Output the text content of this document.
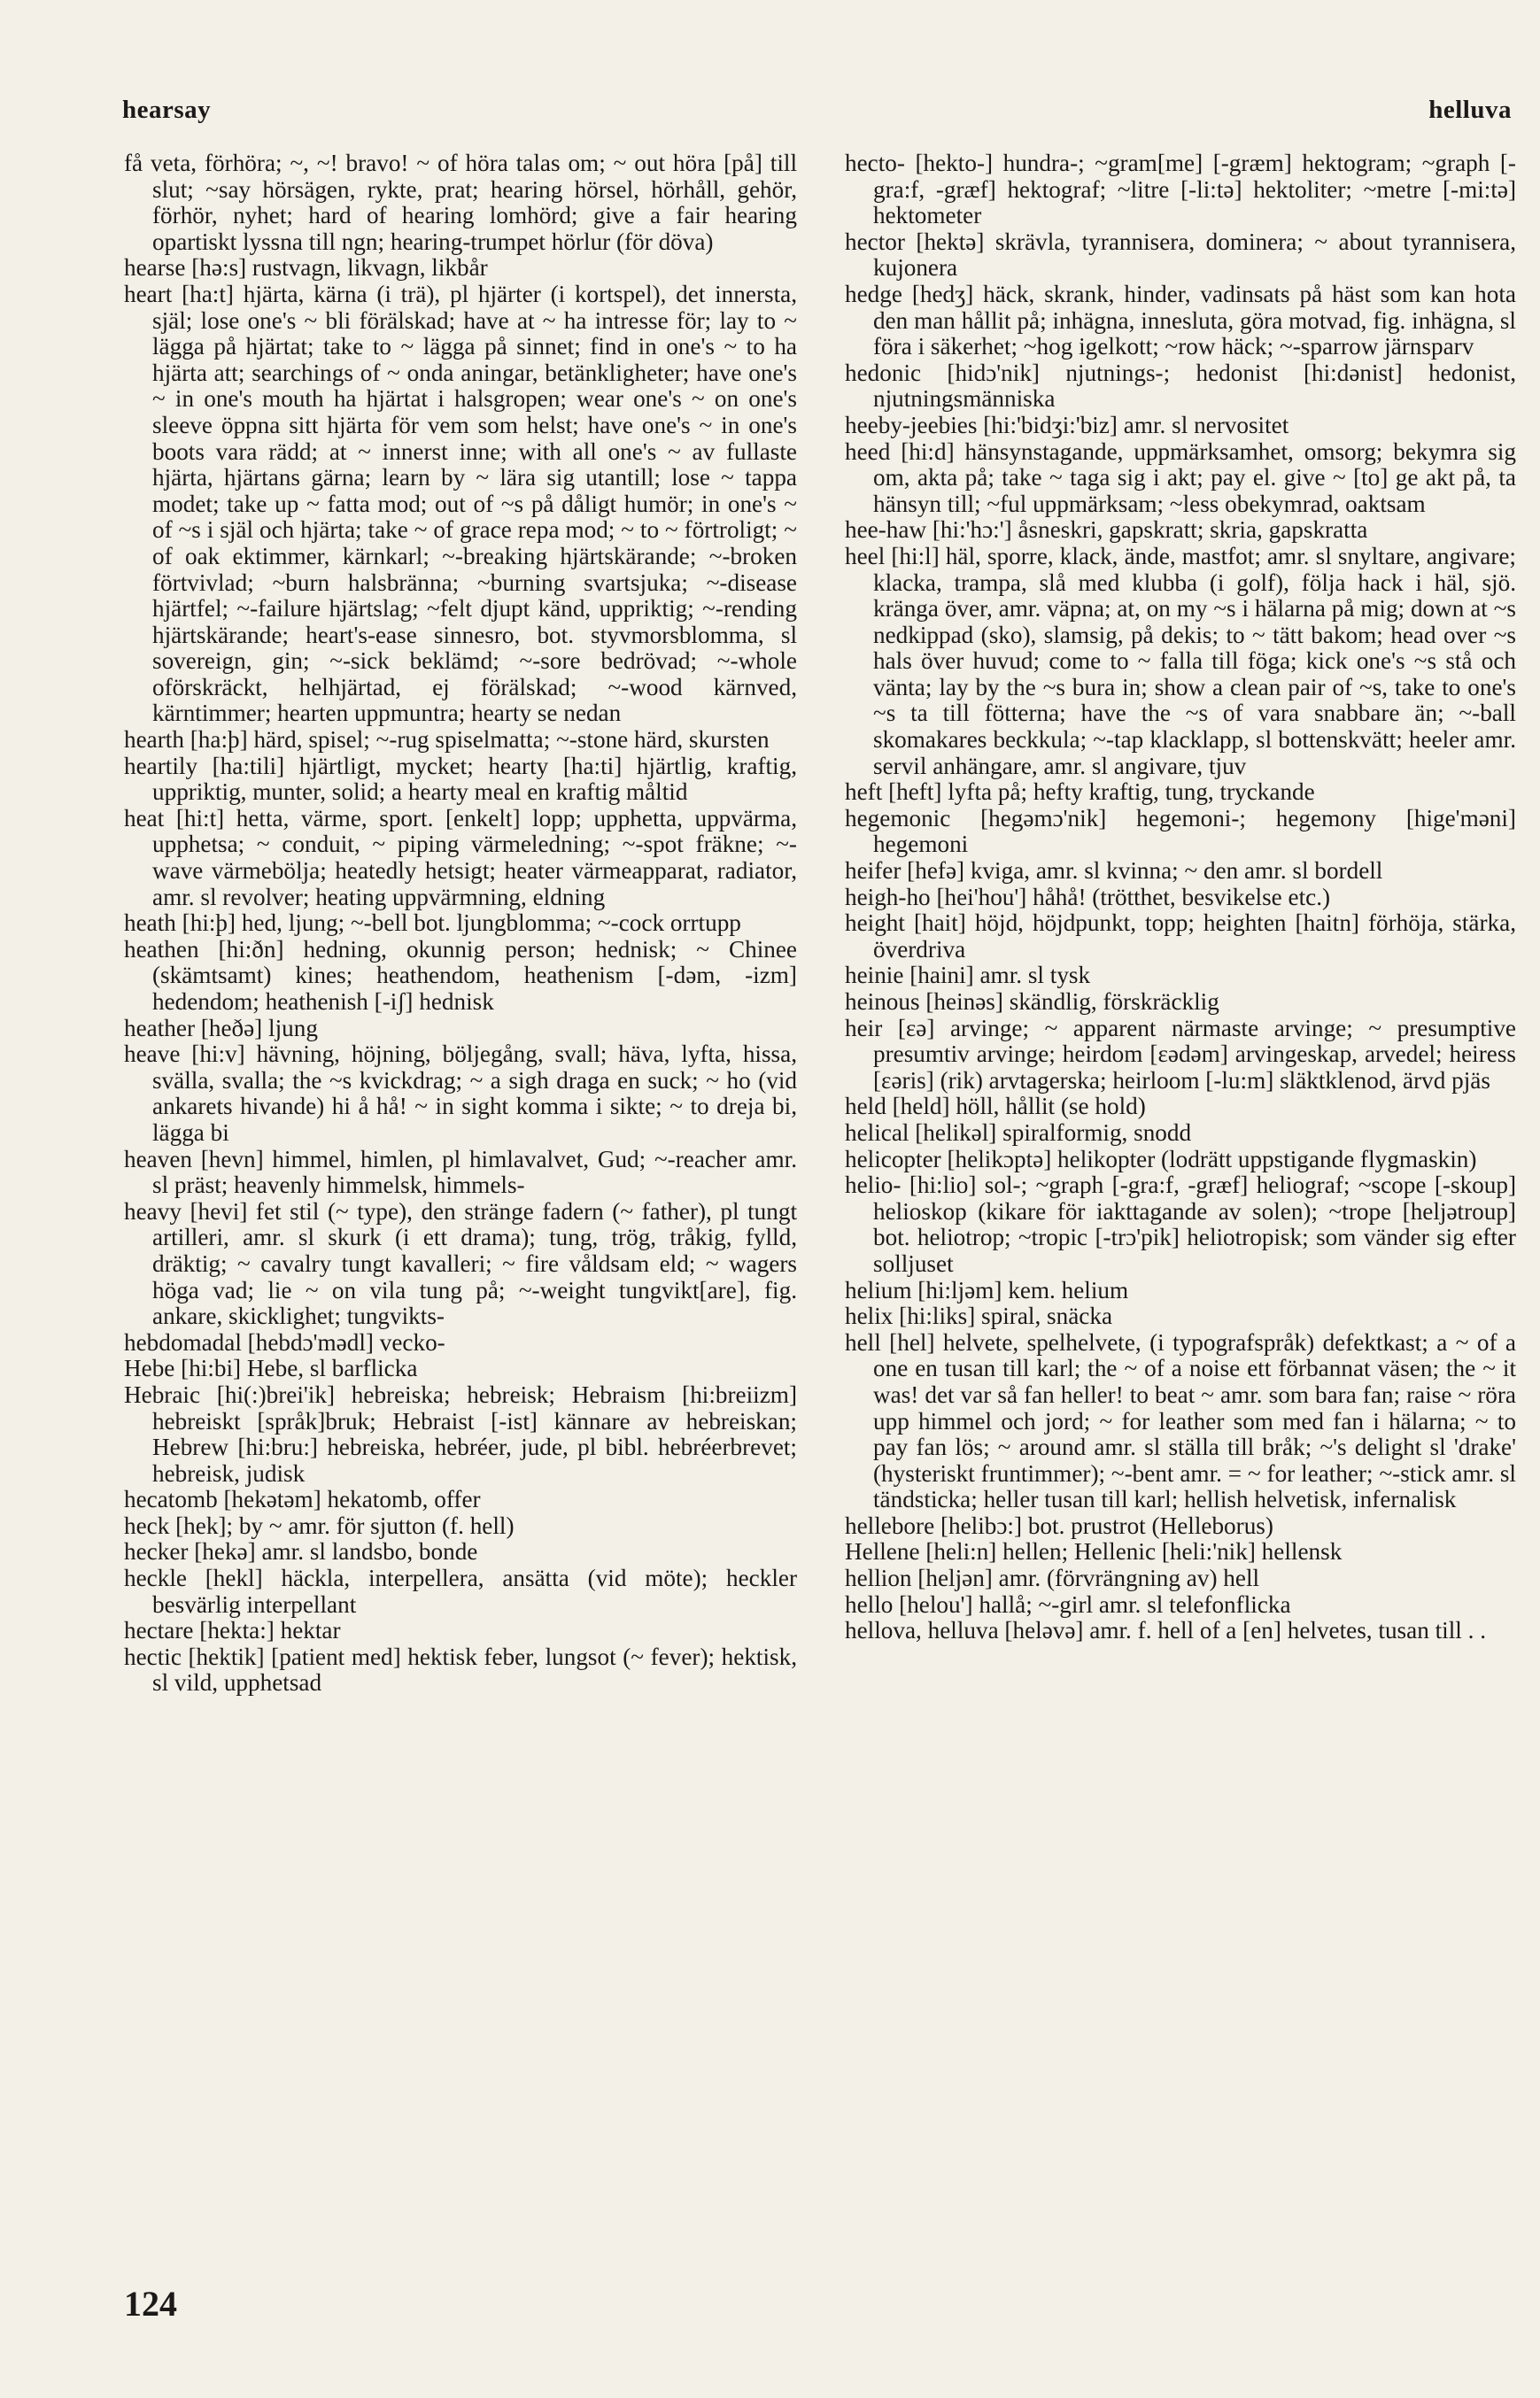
hearsay	helluva

få veta, förhöra; ~, ~! bravo! ~ of höra talas om; ~ out höra [på] till slut; ~say hörsägen, rykte, prat; hearing hörsel, hörhåll, gehör, förhör, nyhet; hard of hearing lomhörd; give a fair hearing opartiskt lyssna till ngn; hearing-trumpet hörlur (för döva)

hearse [hə:s] rustvagn, likvagn, likbår

heart [ha:t] hjärta, kärna (i trä), pl hjärter (i kortspel), det innersta, själ; lose one's ~ bli förälskad; have at ~ ha intresse för; lay to ~ lägga på hjärtat; take to ~ lägga på sinnet; find in one's ~ to ha hjärta att; searchings of ~ onda aningar, betänkligheter; have one's ~ in one's mouth ha hjärtat i halsgropen; wear one's ~ on one's sleeve öppna sitt hjärta för vem som helst; have one's ~ in one's boots vara rädd; at ~ innerst inne; with all one's ~ av fullaste hjärta, hjärtans gärna; learn by ~ lära sig utantill; lose ~ tappa modet; take up ~ fatta mod; out of ~s på dåligt humör; in one's ~ of ~s i själ och hjärta; take ~ of grace repa mod; ~ to ~ förtroligt; ~ of oak ektimmer, kärnkarl; ~-breaking hjärtskärande; ~-broken förtvivlad; ~burn halsbränna; ~burning svartsjuka; ~-disease hjärtfel; ~-failure hjärtslag; ~felt djupt känd, uppriktig; ~-rending hjärtskärande; heart's-ease sinnesro, bot. styvmorsblomma, sl sovereign, gin; ~-sick beklämd; ~-sore bedrövad; ~-whole oförskräckt, helhjärtad, ej förälskad; ~-wood kärnved, kärntimmer; hearten uppmuntra; hearty se nedan

hearth [ha:þ] härd, spisel; ~-rug spiselmatta; ~-stone härd, skursten

heartily [ha:tili] hjärtligt, mycket; hearty [ha:ti] hjärtlig, kraftig, uppriktig, munter, solid; a hearty meal en kraftig måltid

heat [hi:t] hetta, värme, sport. [enkelt] lopp; upphetta, uppvärma, upphetsa; ~ conduit, ~ piping värmeledning; ~-spot fräkne; ~-wave värmebölja; heatedly hetsigt; heater värmeapparat, radiator, amr. sl revolver; heating uppvärmning, eldning

heath [hi:þ] hed, ljung; ~-bell bot. ljungblomma; ~-cock orrtupp

heathen [hi:ðn] hedning, okunnig person; hednisk; ~ Chinee (skämtsamt) kines; heathendom, heathenism [-dəm, -izm] hedendom; heathenish [-iʃ] hednisk

heather [heðə] ljung

heave [hi:v] hävning, höjning, böljegång, svall; häva, lyfta, hissa, svälla, svalla; the ~s kvickdrag; ~ a sigh draga en suck; ~ ho (vid ankarets hivande) hi å hå! ~ in sight komma i sikte; ~ to dreja bi, lägga bi

heaven [hevn] himmel, himlen, pl himlavalvet, Gud; ~-reacher amr. sl präst; heavenly himmelsk, himmels-

heavy [hevi] fet stil (~ type), den stränge fadern (~ father), pl tungt artilleri, amr. sl skurk (i ett drama); tung, trög, tråkig, fylld, dräktig; ~ cavalry tungt kavalleri; ~ fire våldsam eld; ~ wagers höga vad; lie ~ on vila tung på; ~-weight tungvikt[are], fig. ankare, skicklighet; tungvikts-

hebdomadal [hebdɔ'mədl] vecko-

Hebe [hi:bi] Hebe, sl barflicka

Hebraic [hi(:)brei'ik] hebreiska; hebreisk; Hebraism [hi:breiizm] hebreiskt [språk]bruk; Hebraist [-ist] kännare av hebreiskan; Hebrew [hi:bru:] hebreiska, hebréer, jude, pl bibl. hebréerbrevet; hebreisk, judisk

hecatomb [hekətəm] hekatomb, offer

heck [hek]; by ~ amr. för sjutton (f. hell)

hecker [hekə] amr. sl landsbo, bonde

heckle [hekl] häckla, interpellera, ansätta (vid möte); heckler besvärlig interpellant

hectare [hekta:] hektar

hectic [hektik] [patient med] hektisk feber, lungsot (~ fever); hektisk, sl vild, upphetsad

hecto- [hekto-] hundra-; ~gram[me] [-græm] hektogram; ~graph [-gra:f, -græf] hektograf; ~litre [-li:tə] hektoliter; ~metre [-mi:tə] hektometer

hector [hektə] skrävla, tyrannisera, dominera; ~ about tyrannisera, kujonera

hedge [hedʒ] häck, skrank, hinder, vadinsats på häst som kan hota den man hållit på; inhägna, innesluta, göra motvad, fig. inhägna, sl föra i säkerhet; ~hog igelkott; ~row häck; ~-sparrow järnsparv

hedonic [hidɔ'nik] njutnings-; hedonist [hi:dənist] hedonist, njutningsmänniska

heeby-jeebies [hi:'bidʒi:'biz] amr. sl nervositet

heed [hi:d] hänsynstagande, uppmärksamhet, omsorg; bekymra sig om, akta på; take ~ taga sig i akt; pay el. give ~ [to] ge akt på, ta hänsyn till; ~ful uppmärksam; ~less obekymrad, oaktsam

hee-haw [hi:'hɔ:'] åsneskri, gapskratt; skria, gapskratta

heel [hi:l] häl, sporre, klack, ände, mastfot; amr. sl snyltare, angivare; klacka, trampa, slå med klubba (i golf), följa hack i häl, sjö. kränga över, amr. väpna; at, on my ~s i hälarna på mig; down at ~s nedkippad (sko), slamsig, på dekis; to ~ tätt bakom; head over ~s hals över huvud; come to ~ falla till föga; kick one's ~s stå och vänta; lay by the ~s bura in; show a clean pair of ~s, take to one's ~s ta till fötterna; have the ~s of vara snabbare än; ~-ball skomakares beckkula; ~-tap klacklapp, sl bottenskvätt; heeler amr. servil anhängare, amr. sl angivare, tjuv

heft [heft] lyfta på; hefty kraftig, tung, tryckande

hegemonic [hegəmɔ'nik] hegemoni-; hegemony [hige'məni] hegemoni

heifer [hefə] kviga, amr. sl kvinna; ~ den amr. sl bordell

heigh-ho [hei'hou'] håhå! (trötthet, besvikelse etc.)

height [hait] höjd, höjdpunkt, topp; heighten [haitn] förhöja, stärka, överdriva

heinie [haini] amr. sl tysk

heinous [heinəs] skändlig, förskräcklig

heir [ɛə] arvinge; ~ apparent närmaste arvinge; ~ presumptive presumtiv arvinge; heirdom [ɛədəm] arvingeskap, arvedel; heiress [ɛəris] (rik) arvtagerska; heirloom [-lu:m] släktklenod, ärvd pjäs

held [held] höll, hållit (se hold)

helical [helikəl] spiralformig, snodd

helicopter [helikɔptə] helikopter (lodrätt uppstigande flygmaskin)

helio- [hi:lio] sol-; ~graph [-gra:f, -græf] heliograf; ~scope [-skoup] helioskop (kikare för iakttagande av solen); ~trope [heljətroup] bot. heliotrop; ~tropic [-trɔ'pik] heliotropisk; som vänder sig efter solljuset

helium [hi:ljəm] kem. helium

helix [hi:liks] spiral, snäcka

hell [hel] helvete, spelhelvete, (i typografspråk) defektkast; a ~ of a one en tusan till karl; the ~ of a noise ett förbannat väsen; the ~ it was! det var så fan heller! to beat ~ amr. som bara fan; raise ~ röra upp himmel och jord; ~ for leather som med fan i hälarna; ~ to pay fan lös; ~ around amr. sl ställa till bråk; ~'s delight sl 'drake' (hysteriskt fruntimmer); ~-bent amr. = ~ for leather; ~-stick amr. sl tändsticka; heller tusan till karl; hellish helvetisk, infernalisk

hellebore [helibɔ:] bot. prustrot (Helleborus)

Hellene [heli:n] hellen; Hellenic [heli:'nik] hellensk

hellion [heljən] amr. (förvrängning av) hell

hello [helou'] hallå; ~-girl amr. sl telefonflicka

hellova, helluva [heləvə] amr. f. hell of a [en] helvetes, tusan till . .

124
